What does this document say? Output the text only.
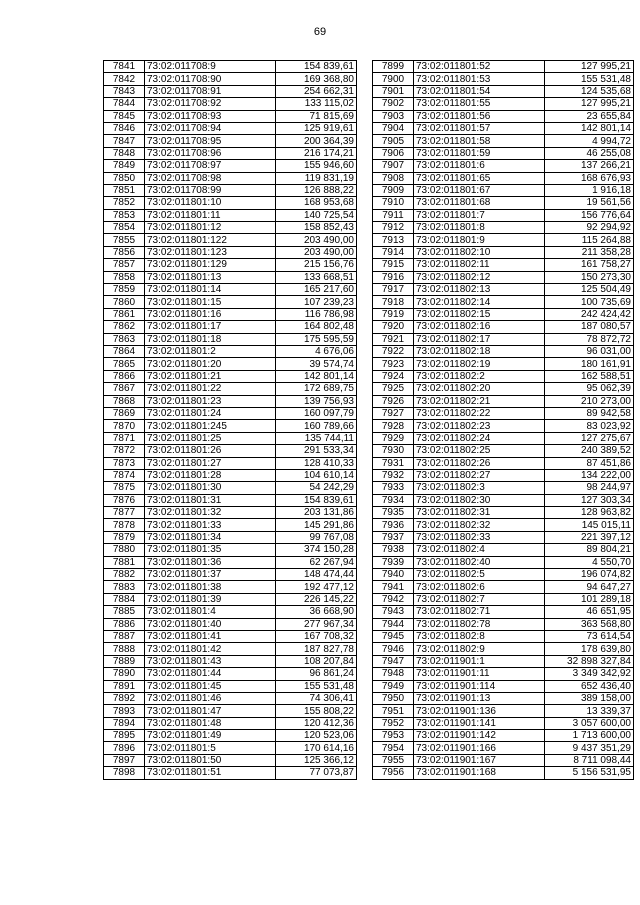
69
7841	73:02:011708:9	154 839,61
7842	73:02:011708:90	169 368,80
7843	73:02:011708:91	254 662,31
7844	73:02:011708:92	133 115,02
7845	73:02:011708:93	71 815,69
7846	73:02:011708:94	125 919,61
7847	73:02:011708:95	200 364,39
7848	73:02:011708:96	216 174,21
7849	73:02:011708:97	155 946,60
7850	73:02:011708:98	119 831,19
7851	73:02:011708:99	126 888,22
7852	73:02:011801:10	168 953,68
7853	73:02:011801:11	140 725,54
7854	73:02:011801:12	158 852,43
7855	73:02:011801:122	203 490,00
7856	73:02:011801:123	203 490,00
7857	73:02:011801:129	215 156,76
7858	73:02:011801:13	133 668,51
7859	73:02:011801:14	165 217,60
7860	73:02:011801:15	107 239,23
7861	73:02:011801:16	116 786,98
7862	73:02:011801:17	164 802,48
7863	73:02:011801:18	175 595,59
7864	73:02:011801:2	4 676,06
7865	73:02:011801:20	39 574,74
7866	73:02:011801:21	142 801,14
7867	73:02:011801:22	172 689,75
7868	73:02:011801:23	139 756,93
7869	73:02:011801:24	160 097,79
7870	73:02:011801:245	160 789,66
7871	73:02:011801:25	135 744,11
7872	73:02:011801:26	291 533,34
7873	73:02:011801:27	128 410,33
7874	73:02:011801:28	104 610,14
7875	73:02:011801:30	54 242,29
7876	73:02:011801:31	154 839,61
7877	73:02:011801:32	203 131,86
7878	73:02:011801:33	145 291,86
7879	73:02:011801:34	99 767,08
7880	73:02:011801:35	374 150,28
7881	73:02:011801:36	62 267,94
7882	73:02:011801:37	148 474,44
7883	73:02:011801:38	192 477,12
7884	73:02:011801:39	226 145,22
7885	73:02:011801:4	36 668,90
7886	73:02:011801:40	277 967,34
7887	73:02:011801:41	167 708,32
7888	73:02:011801:42	187 827,78
7889	73:02:011801:43	108 207,84
7890	73:02:011801:44	96 861,24
7891	73:02:011801:45	155 531,48
7892	73:02:011801:46	74 306,41
7893	73:02:011801:47	155 808,22
7894	73:02:011801:48	120 412,36
7895	73:02:011801:49	120 523,06
7896	73:02:011801:5	170 614,16
7897	73:02:011801:50	125 366,12
7898	73:02:011801:51	77 073,87
7899	73:02:011801:52	127 995,21
7900	73:02:011801:53	155 531,48
7901	73:02:011801:54	124 535,68
7902	73:02:011801:55	127 995,21
7903	73:02:011801:56	23 655,84
7904	73:02:011801:57	142 801,14
7905	73:02:011801:58	4 994,72
7906	73:02:011801:59	46 255,08
7907	73:02:011801:6	137 266,21
7908	73:02:011801:65	168 676,93
7909	73:02:011801:67	1 916,18
7910	73:02:011801:68	19 561,56
7911	73:02:011801:7	156 776,64
7912	73:02:011801:8	92 294,92
7913	73:02:011801:9	115 264,88
7914	73:02:011802:10	211 358,28
7915	73:02:011802:11	161 758,27
7916	73:02:011802:12	150 273,30
7917	73:02:011802:13	125 504,49
7918	73:02:011802:14	100 735,69
7919	73:02:011802:15	242 424,42
7920	73:02:011802:16	187 080,57
7921	73:02:011802:17	78 872,72
7922	73:02:011802:18	96 031,00
7923	73:02:011802:19	180 161,91
7924	73:02:011802:2	162 588,51
7925	73:02:011802:20	95 062,39
7926	73:02:011802:21	210 273,00
7927	73:02:011802:22	89 942,58
7928	73:02:011802:23	83 023,92
7929	73:02:011802:24	127 275,67
7930	73:02:011802:25	240 389,52
7931	73:02:011802:26	87 451,86
7932	73:02:011802:27	134 222,00
7933	73:02:011802:3	98 244,97
7934	73:02:011802:30	127 303,34
7935	73:02:011802:31	128 963,82
7936	73:02:011802:32	145 015,11
7937	73:02:011802:33	221 397,12
7938	73:02:011802:4	89 804,21
7939	73:02:011802:40	4 550,70
7940	73:02:011802:5	196 074,82
7941	73:02:011802:6	94 647,27
7942	73:02:011802:7	101 289,18
7943	73:02:011802:71	46 651,95
7944	73:02:011802:78	363 568,80
7945	73:02:011802:8	73 614,54
7946	73:02:011802:9	178 639,80
7947	73:02:011901:1	32 898 327,84
7948	73:02:011901:11	3 349 342,92
7949	73:02:011901:114	652 436,40
7950	73:02:011901:13	389 158,00
7951	73:02:011901:136	13 339,37
7952	73:02:011901:141	3 057 600,00
7953	73:02:011901:142	1 713 600,00
7954	73:02:011901:166	9 437 351,29
7955	73:02:011901:167	8 711 098,44
7956	73:02:011901:168	5 156 531,95
